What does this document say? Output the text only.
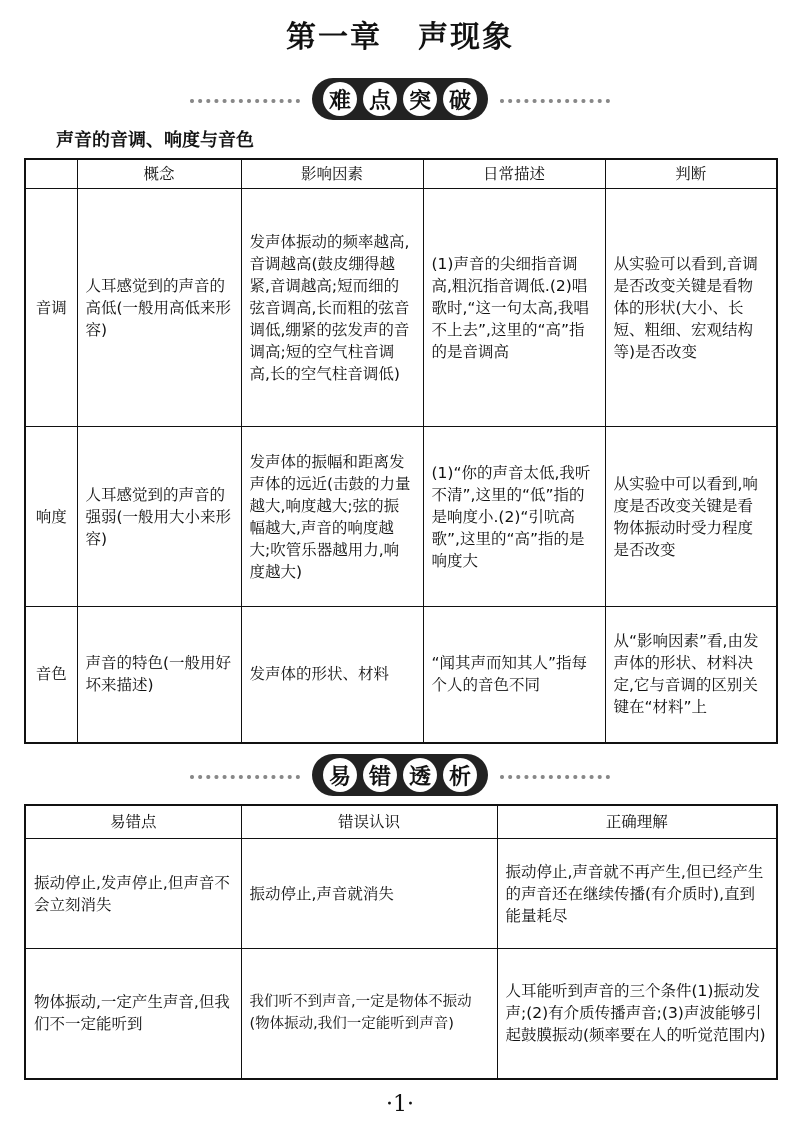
第一章 声现象
难 点 突 破
声音的音调、响度与音色
	概念	影响因素	日常描述	判断
音调	人耳感觉到的声音的高低(一般用高低来形容)	发声体振动的频率越高,音调越高(鼓皮绷得越紧,音调越高;短而细的弦音调高,长而粗的弦音调低,绷紧的弦发声的音调高;短的空气柱音调高,长的空气柱音调低)	(1)声音的尖细指音调高,粗沉指音调低.(2)唱歌时,“这一句太高,我唱不上去”,这里的“高”指的是音调高	从实验可以看到,音调是否改变关键是看物体的形状(大小、长短、粗细、宏观结构等)是否改变
响度	人耳感觉到的声音的强弱(一般用大小来形容)	发声体的振幅和距离发声体的远近(击鼓的力量越大,响度越大;弦的振幅越大,声音的响度越大;吹管乐器越用力,响度越大)	(1)“你的声音太低,我听不清”,这里的“低”指的是响度小.(2)“引吭高歌”,这里的“高”指的是响度大	从实验中可以看到,响度是否改变关键是看物体振动时受力程度是否改变
音色	声音的特色(一般用好坏来描述)	发声体的形状、材料	“闻其声而知其人”指每个人的音色不同	从“影响因素”看,由发声体的形状、材料决定,它与音调的区别关键在“材料”上
易 错 透 析
易错点	错误认识	正确理解
振动停止,发声停止,但声音不会立刻消失	振动停止,声音就消失	振动停止,声音就不再产生,但已经产生的声音还在继续传播(有介质时),直到能量耗尽
物体振动,一定产生声音,但我们不一定能听到	我们听不到声音,一定是物体不振动(物体振动,我们一定能听到声音)	人耳能听到声音的三个条件(1)振动发声;(2)有介质传播声音;(3)声波能够引起鼓膜振动(频率要在人的听觉范围内)
·1·
